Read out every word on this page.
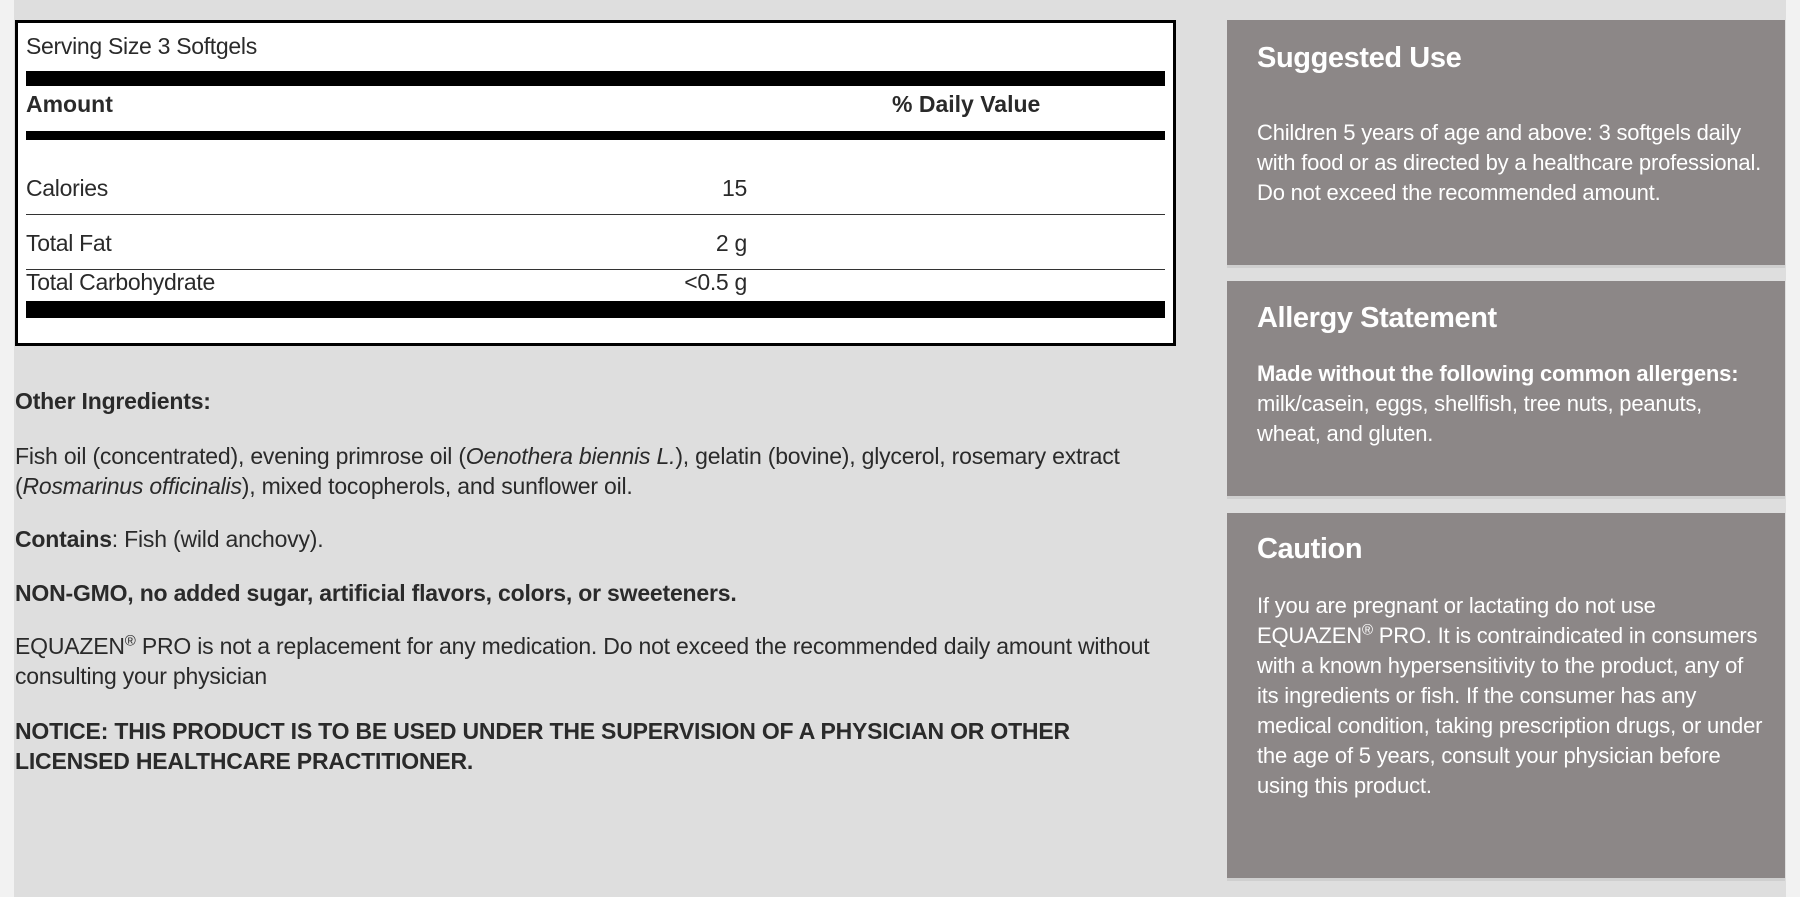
Serving Size 3 Softgels
Amount	% Daily Value
Calories	15
Total Fat	2 g
Total Carbohydrate	<0.5 g

Other Ingredients:

Fish oil (concentrated), evening primrose oil (Oenothera biennis L.), gelatin (bovine), glycerol, rosemary extract (Rosmarinus officinalis), mixed tocopherols, and sunflower oil.

Contains: Fish (wild anchovy).

NON-GMO, no added sugar, artificial flavors, colors, or sweeteners.

EQUAZEN® PRO is not a replacement for any medication. Do not exceed the recommended daily amount without consulting your physician

NOTICE: THIS PRODUCT IS TO BE USED UNDER THE SUPERVISION OF A PHYSICIAN OR OTHER LICENSED HEALTHCARE PRACTITIONER.

Suggested Use
Children 5 years of age and above: 3 softgels daily with food or as directed by a healthcare professional. Do not exceed the recommended amount.
Allergy Statement
Made without the following common allergens: milk/casein, eggs, shellfish, tree nuts, peanuts, wheat, and gluten.
Caution
If you are pregnant or lactating do not use EQUAZEN® PRO. It is contraindicated in consumers with a known hypersensitivity to the product, any of its ingredients or fish. If the consumer has any medical condition, taking prescription drugs, or under the age of 5 years, consult your physician before using this product.
